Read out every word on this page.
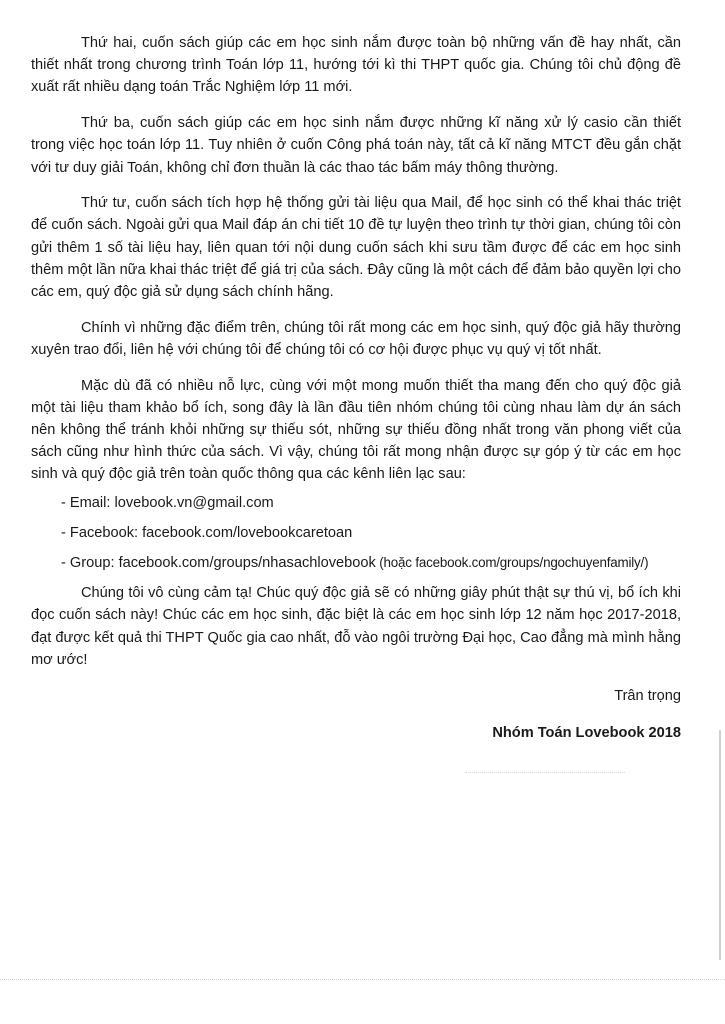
Thứ hai, cuốn sách giúp các em học sinh nắm được toàn bộ những vấn đề hay nhất, cần thiết nhất trong chương trình Toán lớp 11, hướng tới kì thi THPT quốc gia. Chúng tôi chủ động đề xuất rất nhiều dạng toán Trắc Nghiệm lớp 11 mới.

Thứ ba, cuốn sách giúp các em học sinh nắm được những kĩ năng xử lý casio cần thiết trong việc học toán lớp 11. Tuy nhiên ở cuốn Công phá toán này, tất cả kĩ năng MTCT đều gắn chặt với tư duy giải Toán, không chỉ đơn thuần là các thao tác bấm máy thông thường.

Thứ tư, cuốn sách tích hợp hệ thống gửi tài liệu qua Mail, để học sinh có thể khai thác triệt để cuốn sách. Ngoài gửi qua Mail đáp án chi tiết 10 đề tự luyện theo trình tự thời gian, chúng tôi còn gửi thêm 1 số tài liệu hay, liên quan tới nội dung cuốn sách khi sưu tầm được để các em học sinh thêm một lần nữa khai thác triệt để giá trị của sách. Đây cũng là một cách để đảm bảo quyền lợi cho các em, quý độc giả sử dụng sách chính hãng.

Chính vì những đặc điểm trên, chúng tôi rất mong các em học sinh, quý độc giả hãy thường xuyên trao đổi, liên hệ với chúng tôi để chúng tôi có cơ hội được phục vụ quý vị tốt nhất.

Mặc dù đã có nhiều nỗ lực, cùng với một mong muốn thiết tha mang đến cho quý độc giả một tài liệu tham khảo bổ ích, song đây là lần đầu tiên nhóm chúng tôi cùng nhau làm dự án sách nên không thể tránh khỏi những sự thiếu sót, những sự thiếu đồng nhất trong văn phong viết của sách cũng như hình thức của sách. Vì vậy, chúng tôi rất mong nhận được sự góp ý từ các em học sinh và quý độc giả trên toàn quốc thông qua các kênh liên lạc sau:

- Email: lovebook.vn@gmail.com
- Facebook: facebook.com/lovebookcaretoan
- Group: facebook.com/groups/nhasachlovebook (hoặc facebook.com/groups/ngochuyenfamily/)

Chúng tôi vô cùng cảm tạ! Chúc quý độc giả sẽ có những giây phút thật sự thú vị, bổ ích khi đọc cuốn sách này! Chúc các em học sinh, đặc biệt là các em học sinh lớp 12 năm học 2017-2018, đạt được kết quả thi THPT Quốc gia cao nhất, đỗ vào ngôi trường Đại học, Cao đẳng mà mình hằng mơ ước!

Trân trọng

Nhóm Toán Lovebook 2018
